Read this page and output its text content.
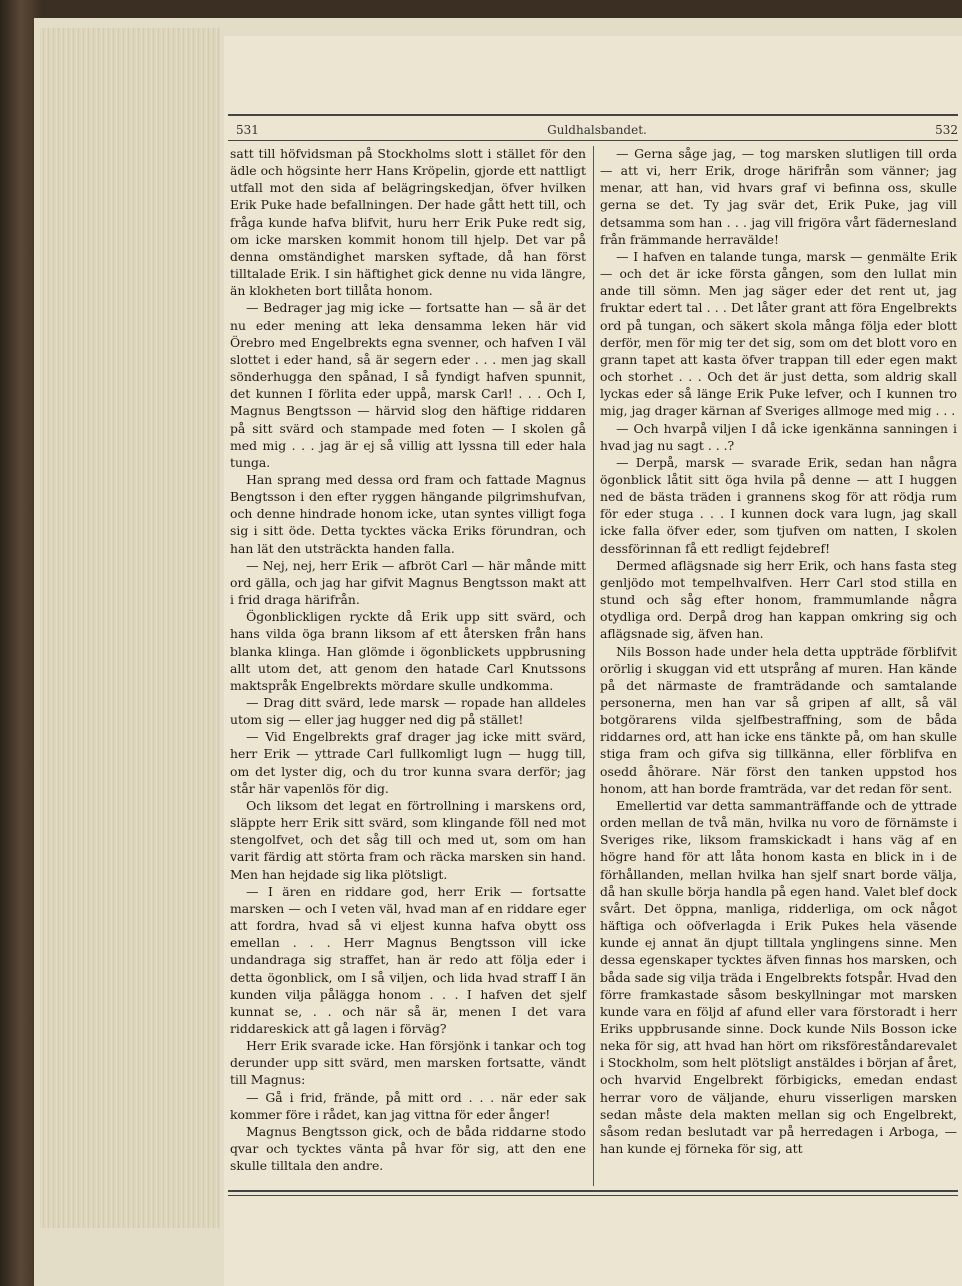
531	Guldhalsbandet.	532

satt till höfvidsman på Stockholms slott i stället för den ädle och högsinte herr Hans Kröpelin, gjorde ett nattligt utfall mot den sida af belägringskedjan, öfver hvilken Erik Puke hade befallningen. Der hade gått hett till, och fråga kunde hafva blifvit, huru herr Erik Puke redt sig, om icke marsken kommit honom till hjelp. Det var på denna omständighet marsken syftade, då han först tilltalade Erik. I sin häftighet gick denne nu vida längre, än klokheten bort tillåta honom.

— Bedrager jag mig icke — fortsatte han — så är det nu eder mening att leka densamma leken här vid Örebro med Engelbrekts egna svenner, och hafven I väl slottet i eder hand, så är segern eder . . . men jag skall sönderhugga den spånad, I så fyndigt hafven spunnit, det kunnen I förlita eder uppå, marsk Carl! . . . Och I, Magnus Bengtsson — härvid slog den häftige riddaren på sitt svärd och stampade med foten — I skolen gå med mig . . . jag är ej så villig att lyssna till eder hala tunga.

Han sprang med dessa ord fram och fattade Magnus Bengtsson i den efter ryggen hängande pilgrimshufvan, och denne hindrade honom icke, utan syntes villigt foga sig i sitt öde. Detta tycktes väcka Eriks förundran, och han lät den utsträckta handen falla.

— Nej, nej, herr Erik — afbröt Carl — här månde mitt ord gälla, och jag har gifvit Magnus Bengtsson makt att i frid draga härifrån.

Ögonblickligen ryckte då Erik upp sitt svärd, och hans vilda öga brann liksom af ett återsken från hans blanka klinga. Han glömde i ögonblickets uppbrusning allt utom det, att genom den hatade Carl Knutssons maktspråk Engelbrekts mördare skulle undkomma.

— Drag ditt svärd, lede marsk — ropade han alldeles utom sig — eller jag hugger ned dig på stället!

— Vid Engelbrekts graf drager jag icke mitt svärd, herr Erik — yttrade Carl fullkomligt lugn — hugg till, om det lyster dig, och du tror kunna svara derför; jag står här vapenlös för dig.

Och liksom det legat en förtrollning i marskens ord, släppte herr Erik sitt svärd, som klingande föll ned mot stengolfvet, och det såg till och med ut, som om han varit färdig att störta fram och räcka marsken sin hand. Men han hejdade sig lika plötsligt.

— I ären en riddare god, herr Erik — fortsatte marsken — och I veten väl, hvad man af en riddare eger att fordra, hvad så vi eljest kunna hafva obytt oss emellan . . . Herr Magnus Bengtsson vill icke undandraga sig straffet, han är redo att följa eder i detta ögonblick, om I så viljen, och lida hvad straff I än kunden vilja pålägga honom . . . I hafven det sjelf kunnat se, . . och när så är, menen I det vara riddareskick att gå lagen i förväg?

Herr Erik svarade icke. Han försjönk i tankar och tog derunder upp sitt svärd, men marsken fortsatte, vändt till Magnus:

— Gå i frid, frände, på mitt ord . . . när eder sak kommer före i rådet, kan jag vittna för eder ånger!

Magnus Bengtsson gick, och de båda riddarne stodo qvar och tycktes vänta på hvar för sig, att den ene skulle tilltala den andre.

— Gerna såge jag, — tog marsken slutligen till orda — att vi, herr Erik, droge härifrån som vänner; jag menar, att han, vid hvars graf vi befinna oss, skulle gerna se det. Ty jag svär det, Erik Puke, jag vill detsamma som han . . . jag vill frigöra vårt fädernesland från främmande herravälde!

— I hafven en talande tunga, marsk — genmälte Erik — och det är icke första gången, som den lullat min ande till sömn. Men jag säger eder det rent ut, jag fruktar edert tal . . . Det låter grant att föra Engelbrekts ord på tungan, och säkert skola många följa eder blott derför, men för mig ter det sig, som om det blott voro en grann tapet att kasta öfver trappan till eder egen makt och storhet . . . Och det är just detta, som aldrig skall lyckas eder så länge Erik Puke lefver, och I kunnen tro mig, jag drager kärnan af Sveriges allmoge med mig . . .

— Och hvarpå viljen I då icke igenkänna sanningen i hvad jag nu sagt . . .?

— Derpå, marsk — svarade Erik, sedan han några ögonblick låtit sitt öga hvila på denne — att I huggen ned de bästa träden i grannens skog för att rödja rum för eder stuga . . . I kunnen dock vara lugn, jag skall icke falla öfver eder, som tjufven om natten, I skolen dessförinnan få ett redligt fejdebref!

Dermed aflägsnade sig herr Erik, och hans fasta steg genljödo mot tempelhvalfven. Herr Carl stod stilla en stund och såg efter honom, frammumlande några otydliga ord. Derpå drog han kappan omkring sig och aflägsnade sig, äfven han.

Nils Bosson hade under hela detta uppträde förblifvit orörlig i skuggan vid ett utsprång af muren. Han kände på det närmaste de framträdande och samtalande personerna, men han var så gripen af allt, så väl botgörarens vilda sjelfbestraffning, som de båda riddarnes ord, att han icke ens tänkte på, om han skulle stiga fram och gifva sig tillkänna, eller förblifva en osedd åhörare. När först den tanken uppstod hos honom, att han borde framträda, var det redan för sent.

Emellertid var detta sammanträffande och de yttrade orden mellan de två män, hvilka nu voro de förnämste i Sveriges rike, liksom framskickadt i hans väg af en högre hand för att låta honom kasta en blick in i de förhållanden, mellan hvilka han sjelf snart borde välja, då han skulle börja handla på egen hand. Valet blef dock svårt. Det öppna, manliga, ridderliga, om ock något häftiga och oöfverlagda i Erik Pukes hela väsende kunde ej annat än djupt tilltala ynglingens sinne. Men dessa egenskaper tycktes äfven finnas hos marsken, och båda sade sig vilja träda i Engelbrekts fotspår. Hvad den förre framkastade såsom beskyllningar mot marsken kunde vara en följd af afund eller vara förstoradt i herr Eriks uppbrusande sinne. Dock kunde Nils Bosson icke neka för sig, att hvad han hört om riksföreståndarevalet i Stockholm, som helt plötsligt anstäldes i början af året, och hvarvid Engelbrekt förbigicks, emedan endast herrar voro de väljande, ehuru visserligen marsken sedan måste dela makten mellan sig och Engelbrekt, såsom redan beslutadt var på herredagen i Arboga, — han kunde ej förneka för sig, att
